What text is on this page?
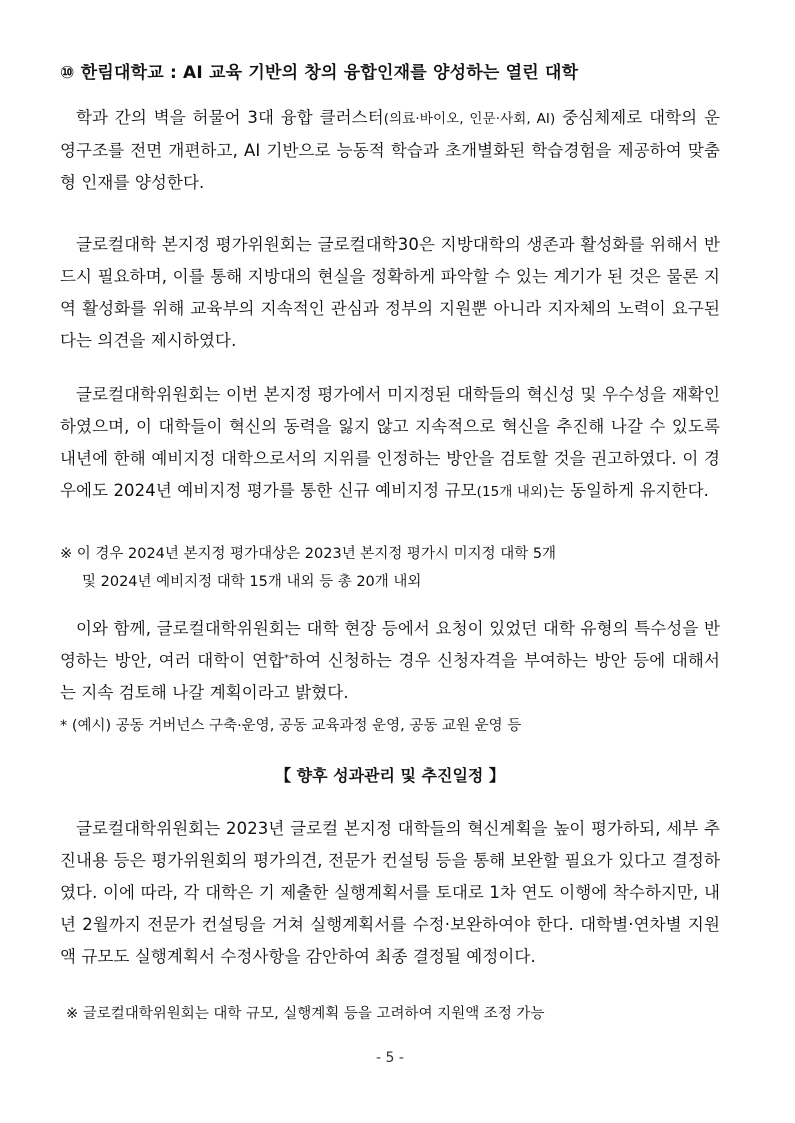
⑩ 한림대학교 : AI 교육 기반의 창의 융합인재를 양성하는 열린 대학
학과 간의 벽을 허물어 3대 융합 클러스터(의료·바이오, 인문·사회, AI) 중심체제로 대학의 운영구조를 전면 개편하고, AI 기반으로 능동적 학습과 초개별화된 학습경험을 제공하여 맞춤형 인재를 양성한다.
글로컬대학 본지정 평가위원회는 글로컬대학30은 지방대학의 생존과 활성화를 위해서 반드시 필요하며, 이를 통해 지방대의 현실을 정확하게 파악할 수 있는 계기가 된 것은 물론 지역 활성화를 위해 교육부의 지속적인 관심과 정부의 지원뿐 아니라 지자체의 노력이 요구된다는 의견을 제시하였다.
글로컬대학위원회는 이번 본지정 평가에서 미지정된 대학들의 혁신성 및 우수성을 재확인하였으며, 이 대학들이 혁신의 동력을 잃지 않고 지속적으로 혁신을 추진해 나갈 수 있도록 내년에 한해 예비지정 대학으로서의 지위를 인정하는 방안을 검토할 것을 권고하였다. 이 경우에도 2024년 예비지정 평가를 통한 신규 예비지정 규모(15개 내외)는 동일하게 유지한다.
※ 이 경우 2024년 본지정 평가대상은 2023년 본지정 평가시 미지정 대학 5개
및 2024년 예비지정 대학 15개 내외 등 총 20개 내외
이와 함께, 글로컬대학위원회는 대학 현장 등에서 요청이 있었던 대학 유형의 특수성을 반영하는 방안, 여러 대학이 연합*하여 신청하는 경우 신청자격을 부여하는 방안 등에 대해서는 지속 검토해 나갈 계획이라고 밝혔다.
* (예시) 공동 거버넌스 구축·운영, 공동 교육과정 운영, 공동 교원 운영 등
【 향후 성과관리 및 추진일정 】
글로컬대학위원회는 2023년 글로컬 본지정 대학들의 혁신계획을 높이 평가하되, 세부 추진내용 등은 평가위원회의 평가의견, 전문가 컨설팅 등을 통해 보완할 필요가 있다고 결정하였다. 이에 따라, 각 대학은 기 제출한 실행계획서를 토대로 1차 연도 이행에 착수하지만, 내년 2월까지 전문가 컨설팅을 거쳐 실행계획서를 수정·보완하여야 한다. 대학별·연차별 지원액 규모도 실행계획서 수정사항을 감안하여 최종 결정될 예정이다.
※ 글로컬대학위원회는 대학 규모, 실행계획 등을 고려하여 지원액 조정 가능
- 5 -
